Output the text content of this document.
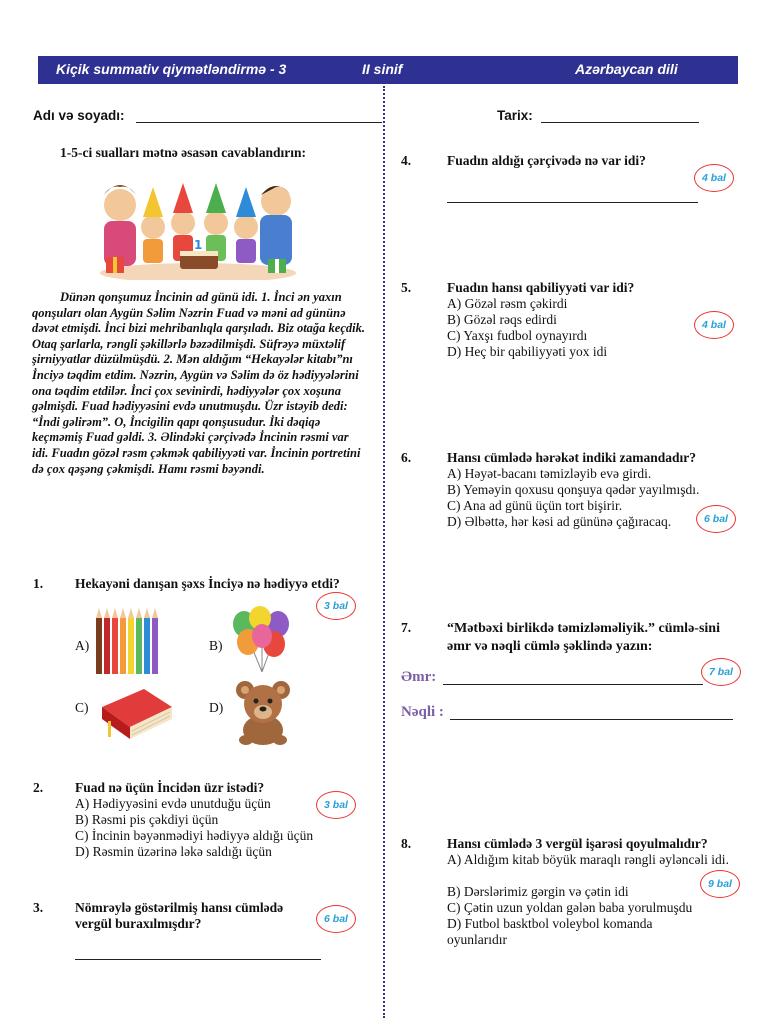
Kiçik summativ qiymətləndirmə - 3	II sinif	Azərbaycan dili
Adı və soyadı:	Tarix:
1-5-ci sualları mətnə əsasən cavablandırın:
1
Dünən qonşumuz İncinin ad günü idi. 1. İnci ən yaxın qonşuları olan Aygün Səlim Nəzrin Fuad və məni ad gününə dəvət etmişdi. İnci bizi mehribanlıqla qarşıladı. Biz otağa keçdik. Otaq şarlarla, rəngli şəkillərlə bəzədilmişdi. Süfrəyə müxtəlif şirniyyatlar düzülmüşdü. 2. Mən aldığım “Hekayələr kitabı”nı İnciyə təqdim etdim. Nəzrin, Aygün və Səlim də öz hədiyyələrini ona təqdim etdilər. İnci çox sevinirdi, hədiyyələr çox xoşuna gəlmişdi. Fuad hədiyyəsini evdə unutmuşdu. Üzr istəyib dedi: “İndi gəlirəm”. O, İncigilin qapı qonşusudur. İki dəqiqə keçməmiş Fuad gəldi. 3. Əlindəki çərçivədə İncinin rəsmi var idi. Fuadın gözəl rəsm çəkmək qabiliyyəti var. İncinin portretini də çox qəşəng çəkmişdi. Hamı rəsmi bəyəndi.
1. Hekayəni danışan şəxs İnciyə nə hədiyyə etdi?
3 bal
A)	B)
C)	D)
2. Fuad nə üçün İncidən üzr istədi?
3 bal
A) Hədiyyəsini evdə unutduğu üçün
B) Rəsmi pis çəkdiyi üçün
C) İncinin bəyənmədiyi hədiyyə aldığı üçün
D) Rəsmin üzərinə ləkə saldığı üçün
3. Nömrəylə göstərilmiş hansı cümlədə vergül buraxılmışdır?	6 bal
4.	Fuadın aldığı çərçivədə nə var idi?
4 bal
5.	Fuadın hansı qabiliyyəti var idi?
4 bal
A) Gözəl rəsm çəkirdi
B) Gözəl rəqs edirdi
C) Yaxşı fudbol oynayırdı
D) Heç bir qabiliyyəti yox idi
6.	Hansı cümlədə hərəkət indiki zamandadır?
A) Həyət-bacanı təmizləyib evə girdi.
B) Yeməyin qoxusu qonşuya qədər yayılmışdı.
C) Ana ad günü üçün tort bişirir.
D) Əlbəttə, hər kəsi ad gününə çağıracaq.	6 bal
7.	“Mətbəxi birlikdə təmizləməliyik.” cümlə-sini əmr və nəqli cümlə şəklində yazın:
Əmr:	7 bal
Nəqli :
8.	Hansı cümlədə 3 vergül işarəsi qoyulmalıdır?
A) Aldığım kitab böyük maraqlı rəngli əyləncəli idi.
B) Dərslərimiz gərgin və çətin idi
C) Çətin uzun yoldan gələn baba yorulmuşdu
D) Futbol basktbol voleybol komanda oyunlarıdır
9 bal
